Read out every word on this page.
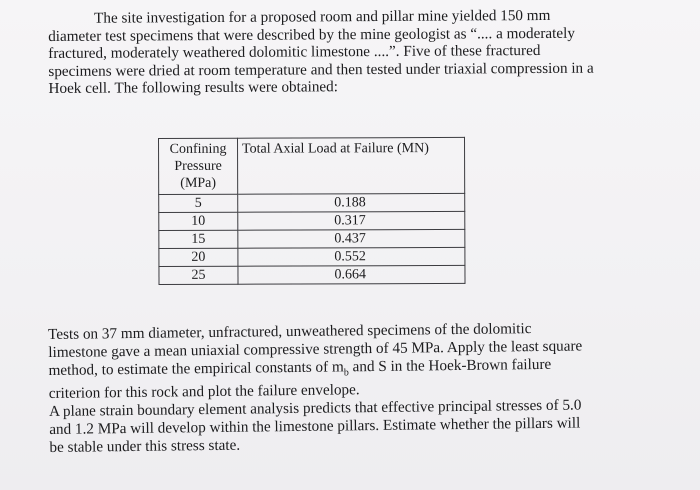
The site investigation for a proposed room and pillar mine yielded 150 mm
diameter test specimens that were described by the mine geologist as “.... a moderately
fractured, moderately weathered dolomitic limestone ....”. Five of these fractured
specimens were dried at room temperature and then tested under triaxial compression in a
Hoek cell. The following results were obtained:
Confining
Pressure
(MPa)	Total Axial Load at Failure (MN)
5	0.188
10	0.317
15	0.437
20	0.552
25	0.664
Tests on 37 mm diameter, unfractured, unweathered specimens of the dolomitic
limestone gave a mean uniaxial compressive strength of 45 MPa. Apply the least square
method, to estimate the empirical constants of $m_b$ and S in the Hoek-Brown failure
criterion for this rock and plot the failure envelope.
A plane strain boundary element analysis predicts that effective principal stresses of 5.0
and 1.2 MPa will develop within the limestone pillars. Estimate whether the pillars will
be stable under this stress state.
